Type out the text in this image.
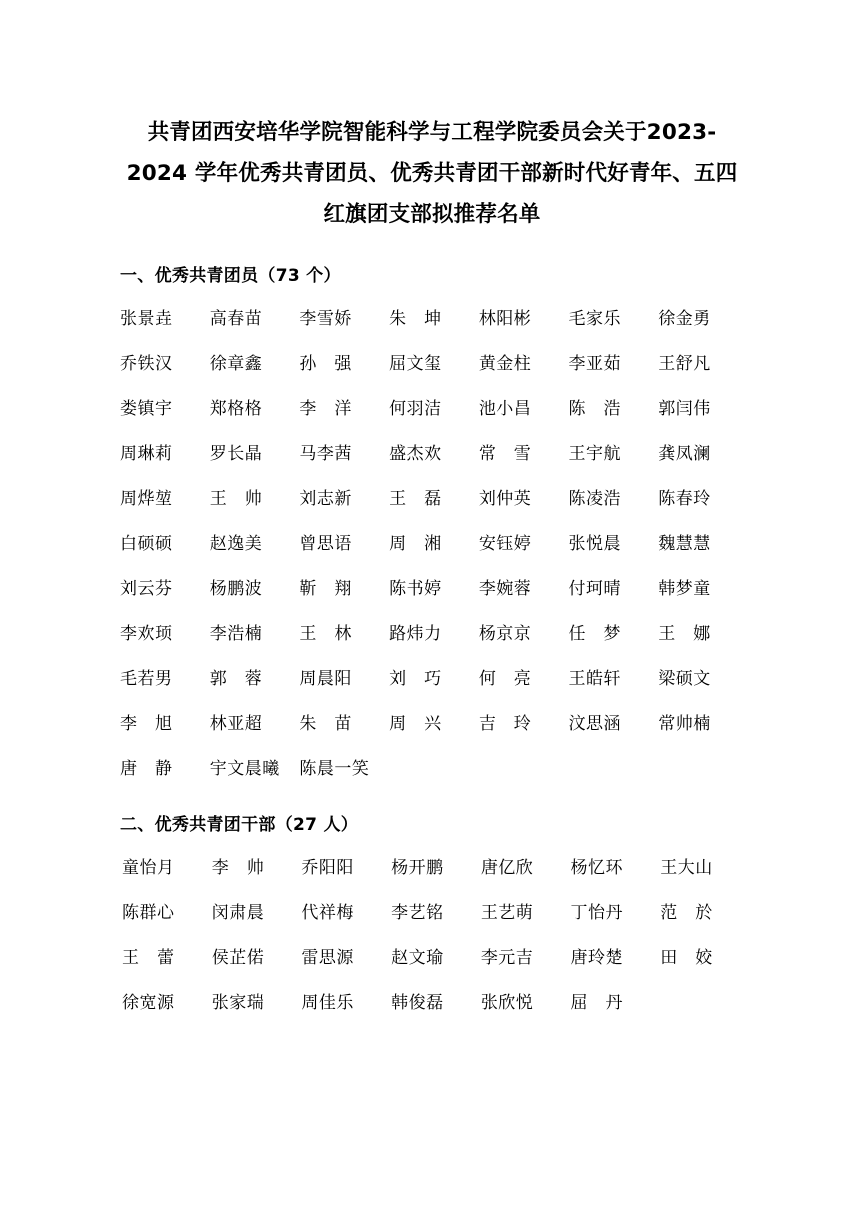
共青团西安培华学院智能科学与工程学院委员会关于2023-2024 学年优秀共青团员、优秀共青团干部新时代好青年、五四红旗团支部拟推荐名单
一、优秀共青团员（73 个）
张景垚	高春苗	李雪娇	朱　坤	林阳彬	毛家乐	徐金勇
乔铁汉	徐章鑫	孙　强	屈文玺	黄金柱	李亚茹	王舒凡
娄镇宇	郑格格	李　洋	何羽洁	池小昌	陈　浩	郭闫伟
周琳莉	罗长晶	马李茜	盛杰欢	常　雪	王宇航	龚凤澜
周烨堃	王　帅	刘志新	王　磊	刘仲英	陈凌浩	陈春玲
白硕硕	赵逸美	曾思语	周　湘	安钰婷	张悦晨	魏慧慧
刘云芬	杨鹏波	靳　翔	陈书婷	李婉蓉	付珂晴	韩梦童
李欢顼	李浩楠	王　林	路炜力	杨京京	任　梦	王　娜
毛若男	郭　蓉	周晨阳	刘　巧	何　亮	王皓轩	梁硕文
李　旭	林亚超	朱　苗	周　兴	吉　玲	汶思涵	常帅楠
唐　静	宇文晨曦	陈晨一笑
二、优秀共青团干部（27 人）
童怡月	李　帅	乔阳阳	杨开鹏	唐亿欣	杨忆环	王大山
陈群心	闵肃晨	代祥梅	李艺铭	王艺萌	丁怡丹	范　於
王　蕾	侯芷偌	雷思源	赵文瑜	李元吉	唐玲楚	田　姣
徐宽源	张家瑞	周佳乐	韩俊磊	张欣悦	屈　丹
